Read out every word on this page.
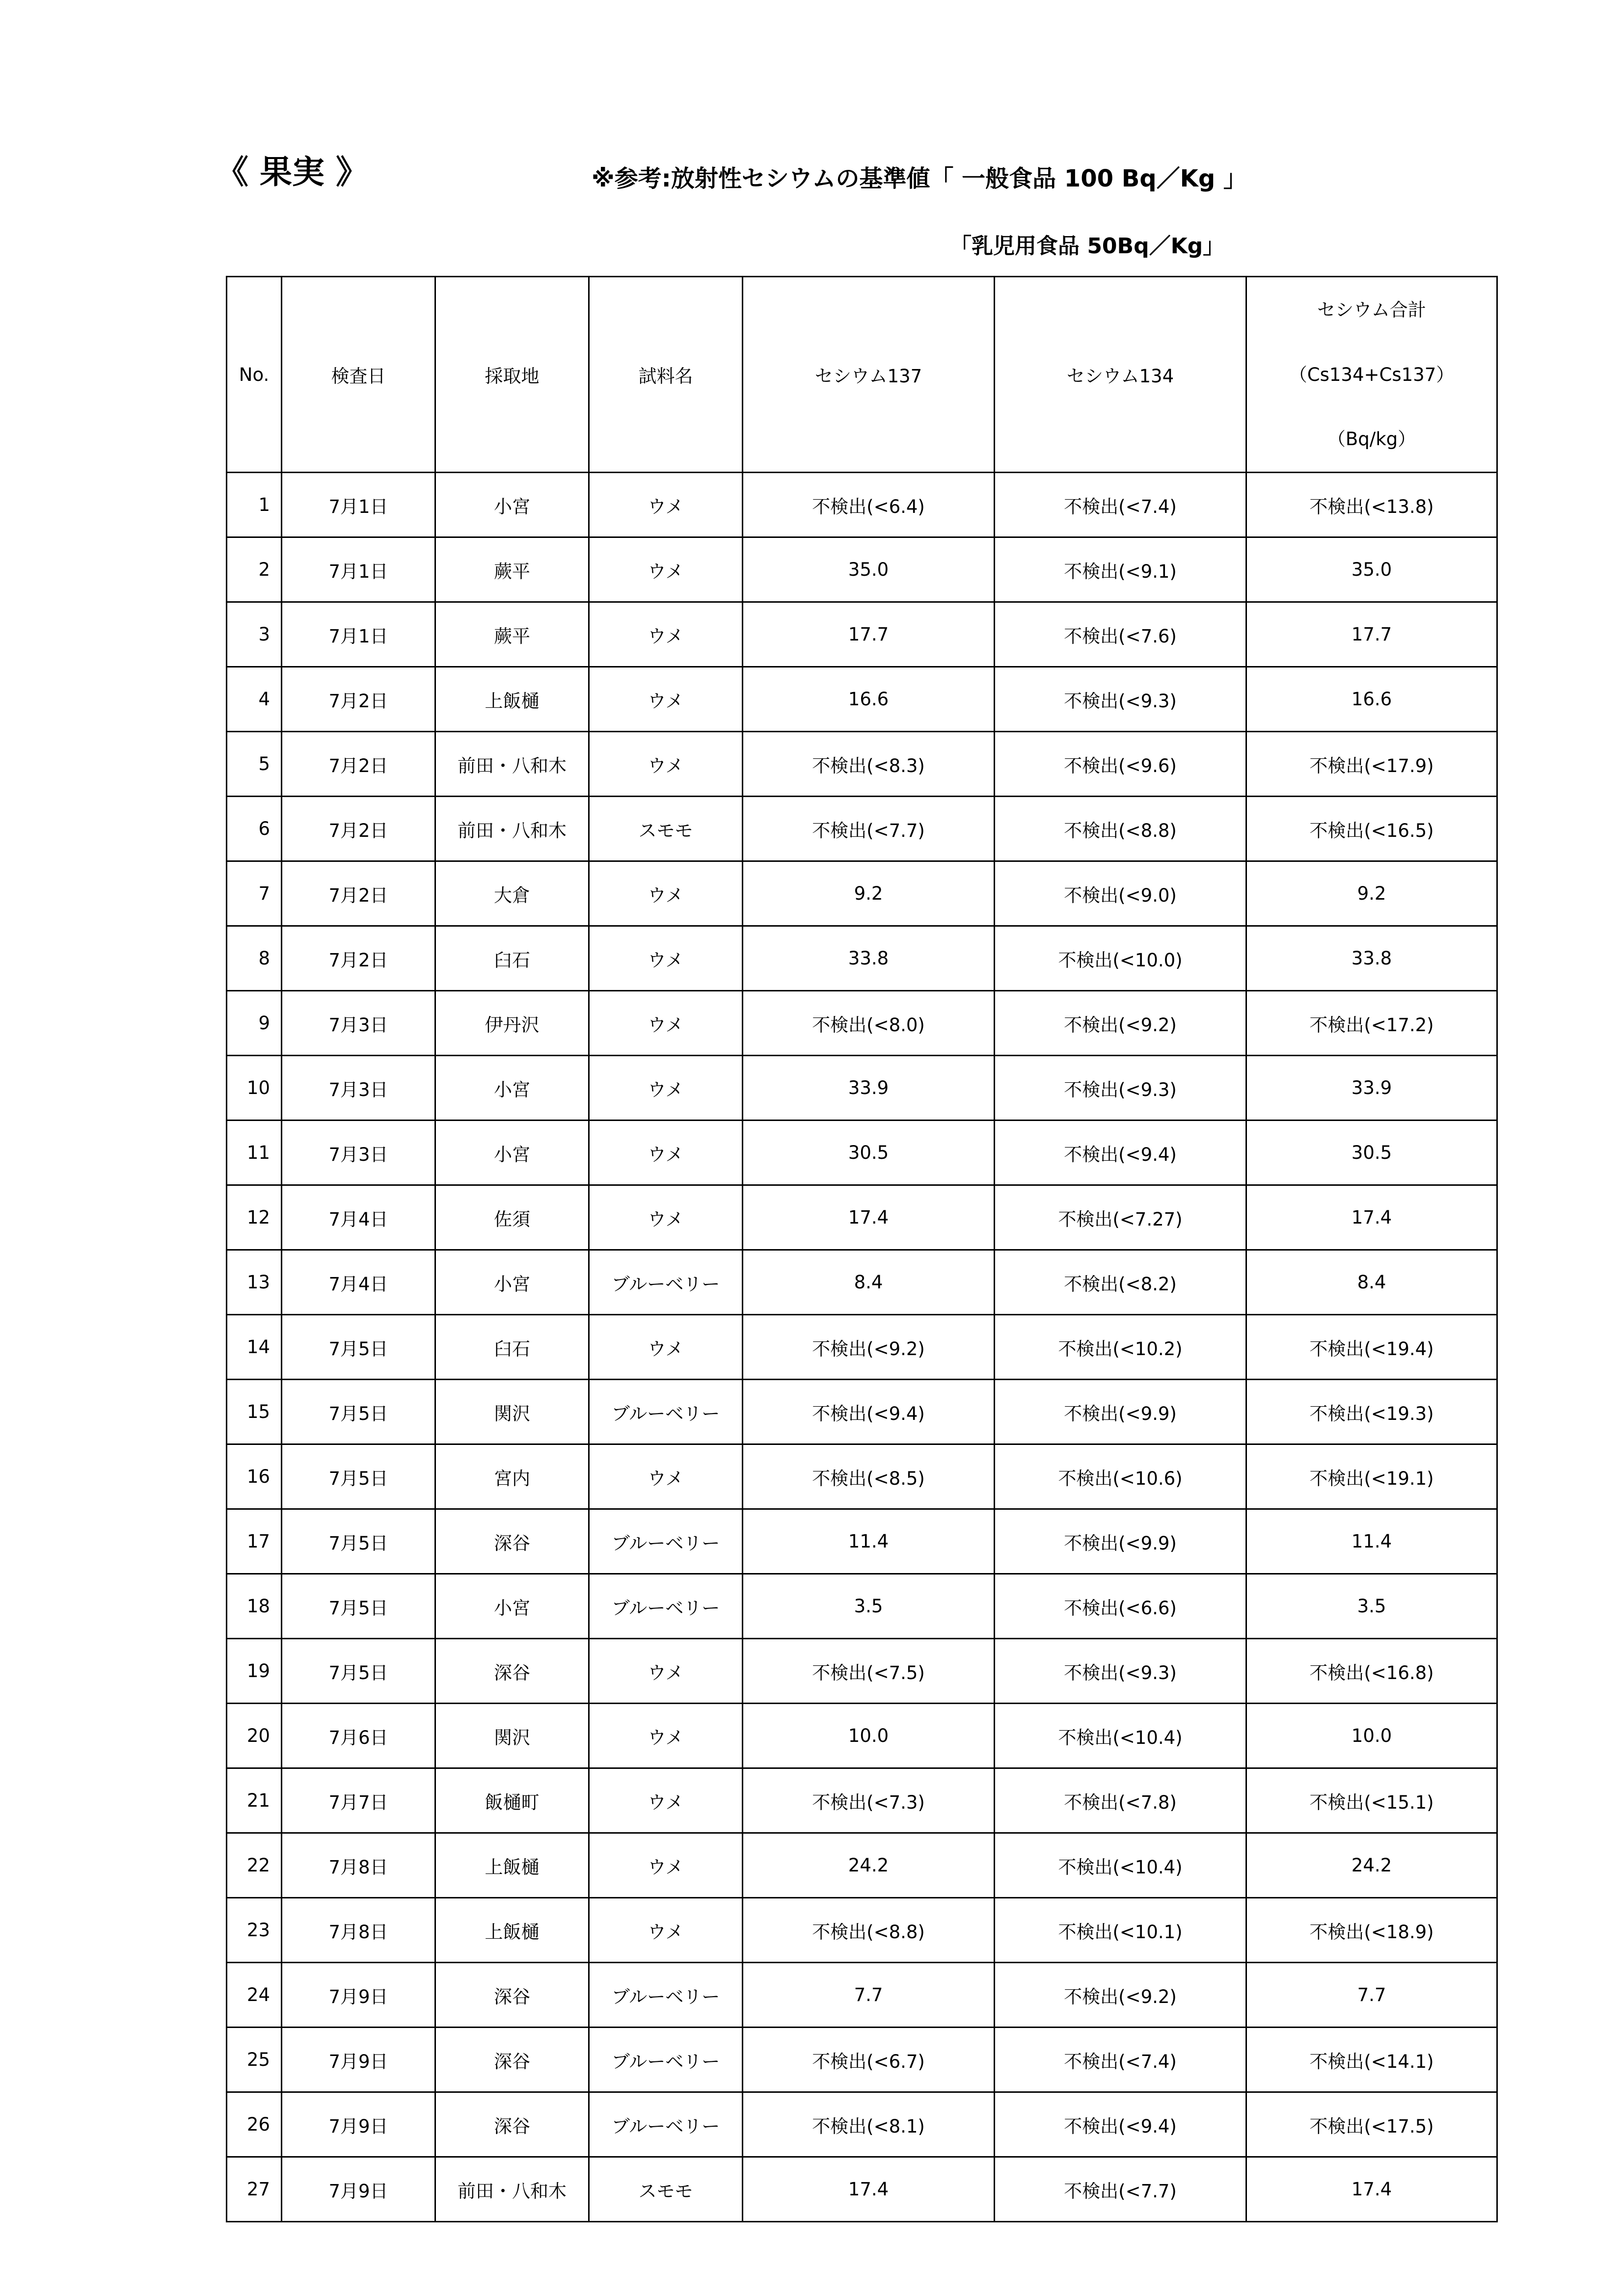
《 果実 》	※参考:放射性セシウムの基準値「 一般食品 100 Bq／Kg 」
「乳児用食品 50Bq／Kg」
No.	検査日	採取地	試料名	セシウム137	セシウム134	セシウム合計
（Cs134+Cs137）
（Bq/kg）

1	7月1日	小宮	ウメ	不検出(<6.4)	不検出(<7.4)	不検出(<13.8)
2	7月1日	蕨平	ウメ	35.0	不検出(<9.1)	35.0
3	7月1日	蕨平	ウメ	17.7	不検出(<7.6)	17.7
4	7月2日	上飯樋	ウメ	16.6	不検出(<9.3)	16.6
5	7月2日	前田・八和木	ウメ	不検出(<8.3)	不検出(<9.6)	不検出(<17.9)
6	7月2日	前田・八和木	スモモ	不検出(<7.7)	不検出(<8.8)	不検出(<16.5)
7	7月2日	大倉	ウメ	9.2	不検出(<9.0)	9.2
8	7月2日	臼石	ウメ	33.8	不検出(<10.0)	33.8
9	7月3日	伊丹沢	ウメ	不検出(<8.0)	不検出(<9.2)	不検出(<17.2)
10	7月3日	小宮	ウメ	33.9	不検出(<9.3)	33.9
11	7月3日	小宮	ウメ	30.5	不検出(<9.4)	30.5
12	7月4日	佐須	ウメ	17.4	不検出(<7.27)	17.4
13	7月4日	小宮	ブルーベリー	8.4	不検出(<8.2)	8.4
14	7月5日	臼石	ウメ	不検出(<9.2)	不検出(<10.2)	不検出(<19.4)
15	7月5日	関沢	ブルーベリー	不検出(<9.4)	不検出(<9.9)	不検出(<19.3)
16	7月5日	宮内	ウメ	不検出(<8.5)	不検出(<10.6)	不検出(<19.1)
17	7月5日	深谷	ブルーベリー	11.4	不検出(<9.9)	11.4
18	7月5日	小宮	ブルーベリー	3.5	不検出(<6.6)	3.5
19	7月5日	深谷	ウメ	不検出(<7.5)	不検出(<9.3)	不検出(<16.8)
20	7月6日	関沢	ウメ	10.0	不検出(<10.4)	10.0
21	7月7日	飯樋町	ウメ	不検出(<7.3)	不検出(<7.8)	不検出(<15.1)
22	7月8日	上飯樋	ウメ	24.2	不検出(<10.4)	24.2
23	7月8日	上飯樋	ウメ	不検出(<8.8)	不検出(<10.1)	不検出(<18.9)
24	7月9日	深谷	ブルーベリー	7.7	不検出(<9.2)	7.7
25	7月9日	深谷	ブルーベリー	不検出(<6.7)	不検出(<7.4)	不検出(<14.1)
26	7月9日	深谷	ブルーベリー	不検出(<8.1)	不検出(<9.4)	不検出(<17.5)
27	7月9日	前田・八和木	スモモ	17.4	不検出(<7.7)	17.4
